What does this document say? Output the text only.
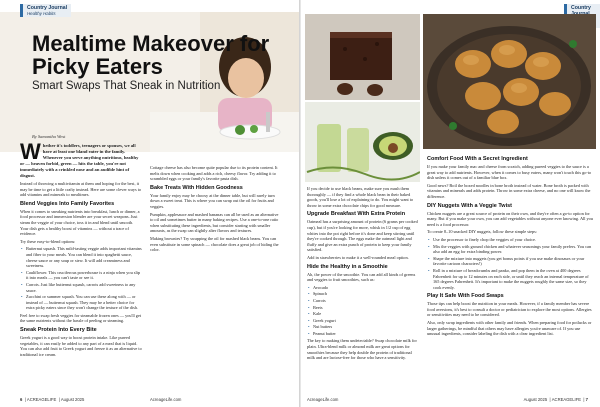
Country Journal
Healthy Habits
Mealtime Makeover for Picky Eaters
Smart Swaps That Sneak in Nutrition
By Samantha West

Whether it's toddlers, teenagers or spouses, we all have at least one bland eater in the family. Whenever you serve anything nutritious, healthy or — heaven forbid, green — hits the table, you're not immediately with a crinkled nose and an audible hint of disgust.

Instead of throwing a multivitamin at them and hoping for the best, it may be time to get a little crafty instead. Here are some clever ways to add vitamins and minerals to mealtimes.

Blend Veggies Into Family Favorites

When it comes to sneaking nutrients into breakfast, lunch or dinner, a food processor and immersion blender are your secret weapons. Just steam the veggie of your choice, toss it in and blend until smooth. Your dish gets a healthy boost of vitamins — without a trace of evidence.

Try these easy-to-blend options:

• Butternut squash. This mild-tasting veggie adds important vitamins and fiber to your meals. You can blend it into spaghetti sauce, cheese sauce or any soup or stew. It will add creaminess and sweetness.
• Cauliflower. This cruciferous powerhouse is a ninja when you slip it into meals — you can't taste or see it.
• Carrots. Just like butternut squash, carrots add sweetness to any sauce.
• Zucchini or summer squash. You can use these along with — or instead of — butternut squash. They may be a better choice for extra picky eaters since they won't change the texture of the dish.

Feel free to swap fresh veggies for steamable frozen ones — you'll get the same nutrients without the hassle of peeling or steaming.

Sneak Protein Into Every Bite

Greek yogurt is a good way to boost protein intake. Like pureed vegetables, it can easily be added to any part of a meal that is liquid. You can also add fruit to Greek yogurt and freeze it as an alternative to traditional ice cream.

Cottage cheese has also become quite popular due to its protein content. It melts down when cooking and adds a rich, cheesy flavor. Try adding it to scrambled eggs or your family's favorite pasta dish.

Bake Treats With Hidden Goodness

Your family enjoy may be choosy at the dinner table, but will rarely turn down a sweet treat. This is where you can swap out the oil for fruits and veggies.

Pumpkin, applesauce and mashed bananas can all be used as an alternative to oil and sometimes butter in many baking recipes. Use a one-to-one ratio when substituting these ingredients, but consider starting with smaller amounts, as the swap can slightly alter flavors and textures.

Making brownies? Try swapping the oil for mashed black beans. You can even substitute in some spinach — chocolate does a great job of hiding the color.

6  | ACREAGELIFE  | August 2025	AcreageLife.com
Country

If you decide to use black beans, make sure you mash them thoroughly — if they find a whole black bean in their baked goods, you'll lose a lot of explaining to do. You might want to throw in some extra chocolate chips for good measure.

Upgrade Breakfast With Extra Protein

Oatmeal has a surprising amount of protein (6 grams per cooked cup), but if you're looking for more, whisk in 1/2 cup of egg whites into the pot right before it's done and keep stirring until they're cooked through. The eggs make the oatmeal light and fluffy and give an extra punch of protein to keep your family satisfied.

Add in strawberries to make it a well-rounded meal option.

Hide the Healthy in a Smoothie

Ah, the power of the smoothie. You can add all kinds of greens and veggies to fruit smoothies, such as:

• Avocado
• Spinach
• Carrots
• Beets
• Kale
• Greek yogurt
• Nut butters
• Peanut butter

The key to making them undetectable? Swap chocolate milk for plain. Ultra-blend milk or almond milk are great options for smoothies because they help double the protein of traditional milk and are lactose-free for those who have a sensitivity.

Comfort Food With a Secret Ingredient

If you make your family mac and cheese from scratch, adding pureed veggies to the sauce is a great way to add nutrients. However, when it comes to busy eaters, many won't touch this go-to dish unless it comes out of a familiar blue box.

Good news? Boil the boxed noodles in bone broth instead of water. Bone broth is packed with vitamins and minerals and adds protein. Throw in some extra cheese, and no one will know the difference.

DIY Nuggets With a Veggie Twist

Chicken nuggets are a great source of protein on their own, and they're often a go-to option for many. But if you make your own, you can add vegetables without anyone ever knowing. All you need is a food processor.

To create 8–10 snacked DIY nuggets, follow these simple steps:

• Use the processor to finely chop the veggies of your choice.
• Mix the veggies with ground chicken and whatever seasonings your family prefers. You can also add an egg for extra binding power.
• Shape the mixture into nuggets (you get bonus points if you use make dinosaurs or your favorite cartoon characters!)
• Roll in a mixture of breadcrumbs and panko, and pop them in the oven at 400 degrees Fahrenheit for up to 12 minutes on each side, or until they reach an internal temperature of 165 degrees Fahrenheit. It's important to make the nuggets roughly the same size, so they cook evenly.
Play It Safe With Food Swaps

Those tips can help boost the nutrition in your meals. However, if a family member has severe food aversions, it's best to consult a doctor or pediatrician to explore the most options. Allergies or sensitivities may need to be considered.

Also, only swap ingredients with other family and friends. When preparing food for potlucks or larger gatherings, be mindful that others may have allergies you're unaware of. If you use unusual ingredients, consider labeling the dish with a clear ingredient list.

AcreageLife.com	August 2025  | ACREAGELIFE  | 7
